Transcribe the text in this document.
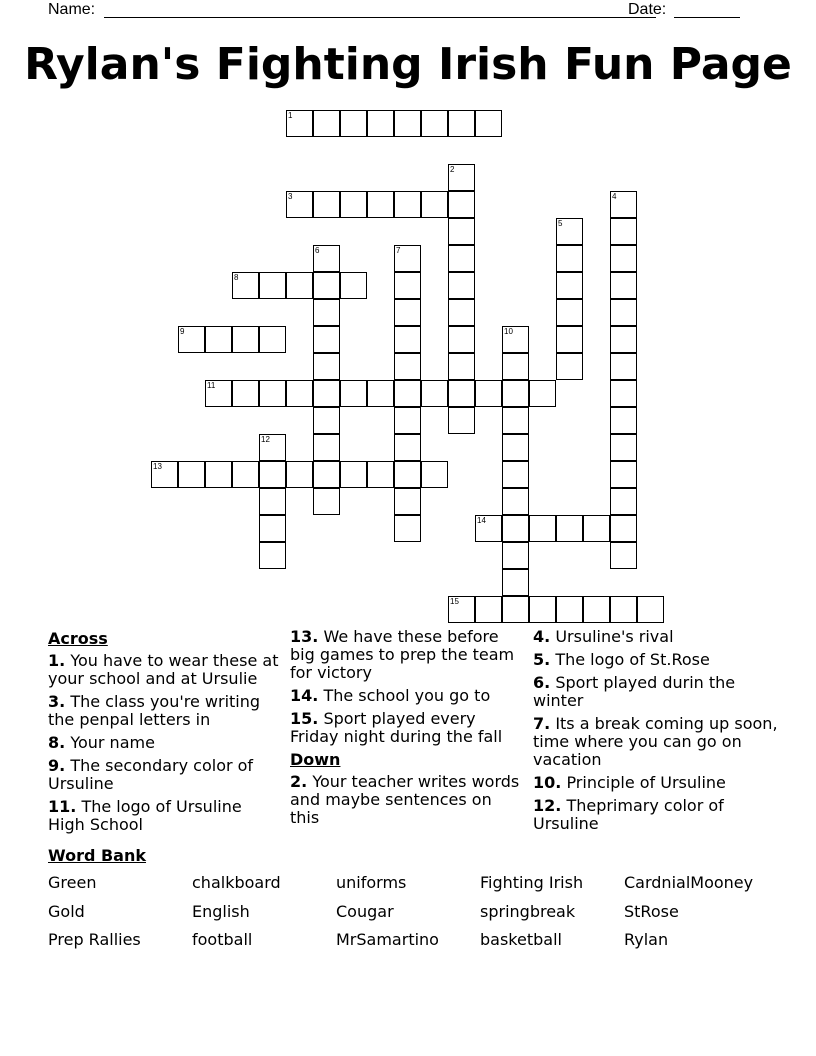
Name:	Date:
Rylan's Fighting Irish Fun Page
1
2
3	4
5
6	7
8
9	10
11
12
13
14
15
Across
1. You have to wear these at your school and at Ursulie
3. The class you're writing the penpal letters in
8. Your name
9. The secondary color of Ursuline
11. The logo of Ursuline High School
13. We have these before big games to prep the team for victory
14. The school you go to
15. Sport played every Friday night during the fall
Down
2. Your teacher writes words and maybe sentences on this
4. Ursuline's rival
5. The logo of St.Rose
6. Sport played durin the winter
7. Its a break coming up soon, time where you can go on vacation
10. Principle of Ursuline
12. Theprimary color of Ursuline
Word Bank
Green	chalkboard	uniforms	Fighting Irish	CardnialMooney
Gold	English	Cougar	springbreak	StRose
Prep Rallies	football	MrSamartino	basketball	Rylan
